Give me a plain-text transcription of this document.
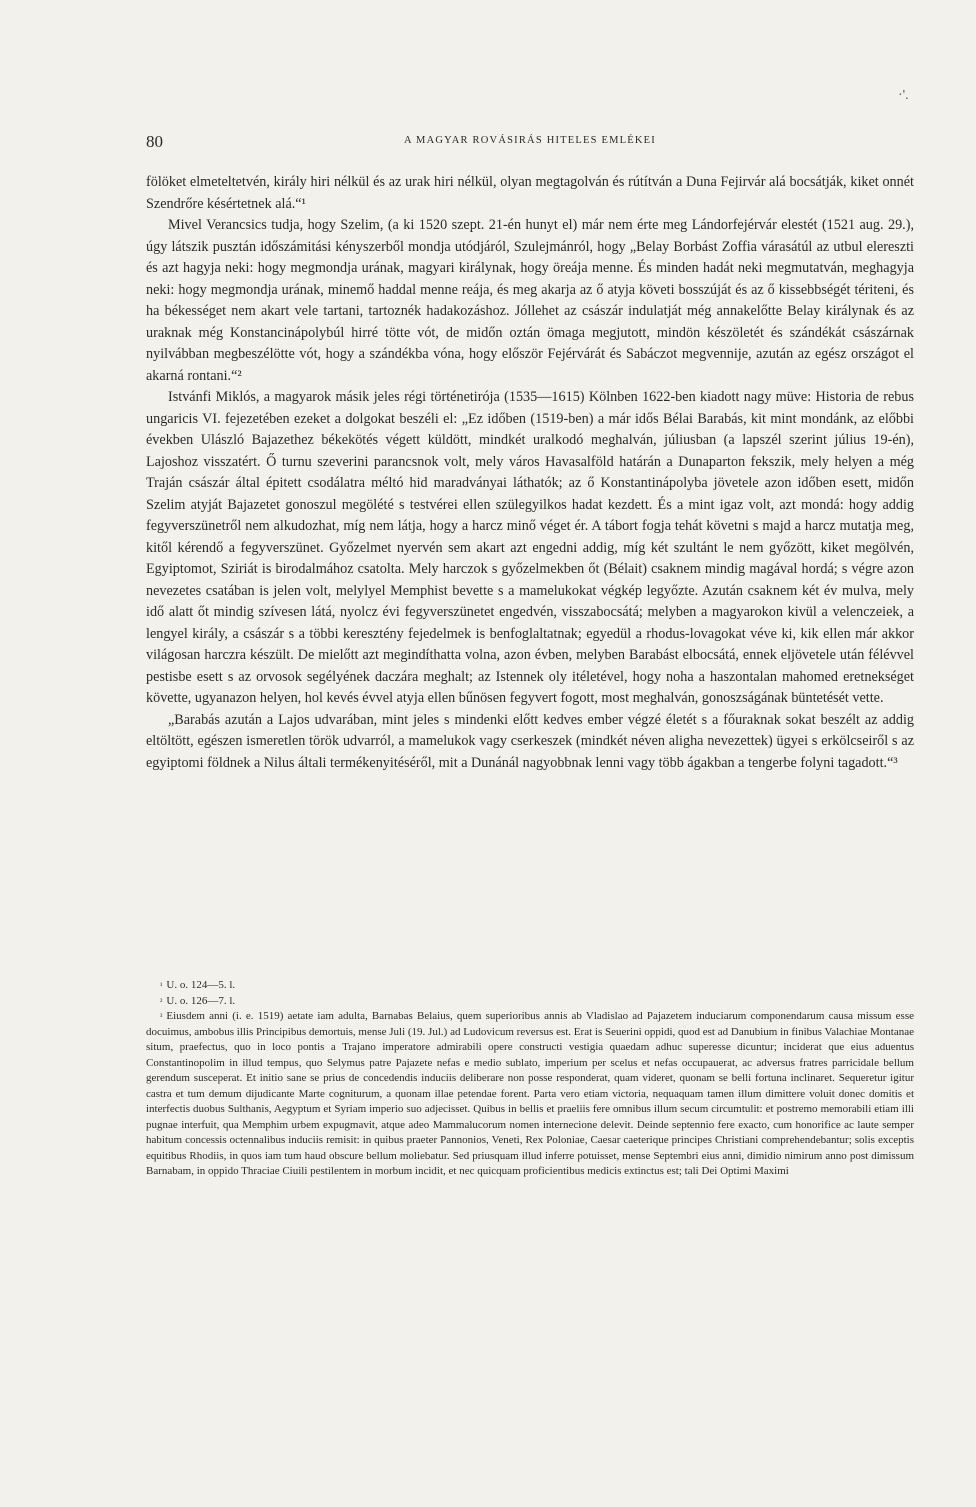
·'.
80	A MAGYAR ROVÁSIRÁS HITELES EMLÉKEI

fölöket elmeteltetvén, király hiri nélkül és az urak hiri nélkül, olyan megtagolván és rútítván a Duna Fejirvár alá bocsátják, kiket onnét Szendrőre késértetnek alá.“¹

Mivel Verancsics tudja, hogy Szelim, (a ki 1520 szept. 21-én hunyt el) már nem érte meg Lándorfejérvár elestét (1521 aug. 29.), úgy látszik pusztán időszámitási kényszerből mondja utódjáról, Szulejmánról, hogy „Belay Borbást Zoffia várasátúl az utbul elereszti és azt hagyja neki: hogy megmondja urának, magyari királynak, hogy öreája menne. És minden hadát neki megmutatván, meghagyja neki: hogy megmondja urának, minemő haddal menne reája, és meg akarja az ő atyja követi bosszúját és az ő kissebbségét tériteni, és ha békességet nem akart vele tartani, tartoznék hadakozáshoz. Jóllehet az császár indulatját még annakelőtte Belay királynak és az uraknak még Konstancinápolybúl hirré tötte vót, de midőn oztán ömaga megjutott, mindön készöletét és szándékát császárnak nyilvábban megbeszélötte vót, hogy a szándékba vóna, hogy először Fejérvárát és Sabáczot megvennije, azután az egész országot el akarná rontani.“²

Istvánfi Miklós, a magyarok másik jeles régi történetirója (1535—1615) Kölnben 1622-ben kiadott nagy müve: Historia de rebus ungaricis VI. fejezetében ezeket a dolgokat beszéli el: „Ez időben (1519-ben) a már idős Bélai Barabás, kit mint mondánk, az előbbi években Ulászló Bajazethez békekötés végett küldött, mindkét uralkodó meghalván, júliusban (a lapszél szerint július 19-én), Lajoshoz visszatért. Ő turnu szeverini parancsnok volt, mely város Havasalföld határán a Dunaparton fekszik, mely helyen a még Traján császár által épitett csodálatra méltó hid maradványai láthatók; az ő Konstantinápolyba jövetele azon időben esett, midőn Szelim atyját Bajazetet gonoszul megölété s testvérei ellen szülegyilkos hadat kezdett. És a mint igaz volt, azt mondá: hogy addig fegyverszünetről nem alkudozhat, míg nem látja, hogy a harcz minő véget ér. A tábort fogja tehát követni s majd a harcz mutatja meg, kitől kérendő a fegyverszünet. Győzelmet nyervén sem akart azt engedni addig, míg két szultánt le nem győzött, kiket megölvén, Egyiptomot, Sziriát is birodalmához csatolta. Mely harczok s győzelmekben őt (Bélait) csaknem mindig magával hordá; s végre azon nevezetes csatában is jelen volt, melylyel Memphist bevette s a mamelukokat végkép legyőzte. Azután csaknem két év mulva, mely idő alatt őt mindig szívesen látá, nyolcz évi fegyverszünetet engedvén, visszabocsátá; melyben a magyarokon kivül a velenczeiek, a lengyel király, a császár s a többi keresztény fejedelmek is benfoglaltatnak; egyedül a rhodus-lovagokat véve ki, kik ellen már akkor világosan harczra készült. De mielőtt azt megindíthatta volna, azon évben, melyben Barabást elbocsátá, ennek eljövetele után félévvel pestisbe esett s az orvosok segélyének daczára meghalt; az Istennek oly itéletével, hogy noha a haszontalan mahomed eretnekséget követte, ugyanazon helyen, hol kevés évvel atyja ellen bűnösen fegyvert fogott, most meghalván, gonoszságának büntetését vette.

„Barabás azután a Lajos udvarában, mint jeles s mindenki előtt kedves ember végzé életét s a főuraknak sokat beszélt az addig eltöltött, egészen ismeretlen török udvarról, a mamelukok vagy cserkeszek (mindkét néven aligha nevezettek) ügyei s erkölcseiről s az egyiptomi földnek a Nilus általi termékenyitéséről, mit a Dunánál nagyobbnak lenni vagy több ágakban a tengerbe folyni tagadott.“³

$^{^1}$ U. o. 124—5. l.

$^{^2}$ U. o. 126—7. l.

$^{^3}$ Eiusdem anni (i. e. 1519) aetate iam adulta, Barnabas Belaius, quem superioribus annis ab Vladislao ad Pajazetem induciarum componendarum causa missum esse docuimus, ambobus illis Principibus demortuis, mense Juli (19. Jul.) ad Ludovicum reversus est. Erat is Seuerini oppidi, quod est ad Danubium in finibus Valachiae Montanae situm, praefectus, quo in loco pontis a Trajano imperatore admirabili opere constructi vestigia quaedam adhuc superesse dicuntur; inciderat que eius aduentus Constantinopolim in illud tempus, quo Selymus patre Pajazete nefas e medio sublato, imperium per scelus et nefas occupauerat, ac adversus fratres parricidale bellum gerendum susceperat. Et initio sane se prius de concedendis induciis deliberare non posse responderat, quam videret, quonam se belli fortuna inclinaret. Sequeretur igitur castra et tum demum dijudicante Marte cogniturum, a quonam illae petendae forent. Parta vero etiam victoria, nequaquam tamen illum dimittere voluit donec domitis et interfectis duobus Sulthanis, Aegyptum et Syriam imperio suo adjecisset. Quibus in bellis et praeliis fere omnibus illum secum circumtulit: et postremo memorabili etiam illi pugnae interfuit, qua Memphim urbem expugmavit, atque adeo Mammalucorum nomen internecione delevit. Deinde septennio fere exacto, cum honorifice ac laute semper habitum concessis octennalibus induciis remisit: in quibus praeter Pannonios, Veneti, Rex Poloniae, Caesar caeterique principes Christiani comprehendebantur; solis exceptis equitibus Rhodiis, in quos iam tum haud obscure bellum moliebatur. Sed priusquam illud inferre potuisset, mense Septembri eius anni, dimidio nimirum anno post dimissum Barnabam, in oppido Thraciae Ciuili pestilentem in morbum incidit, et nec quicquam proficientibus medicis extinctus est; tali Dei Optimi Maximi
